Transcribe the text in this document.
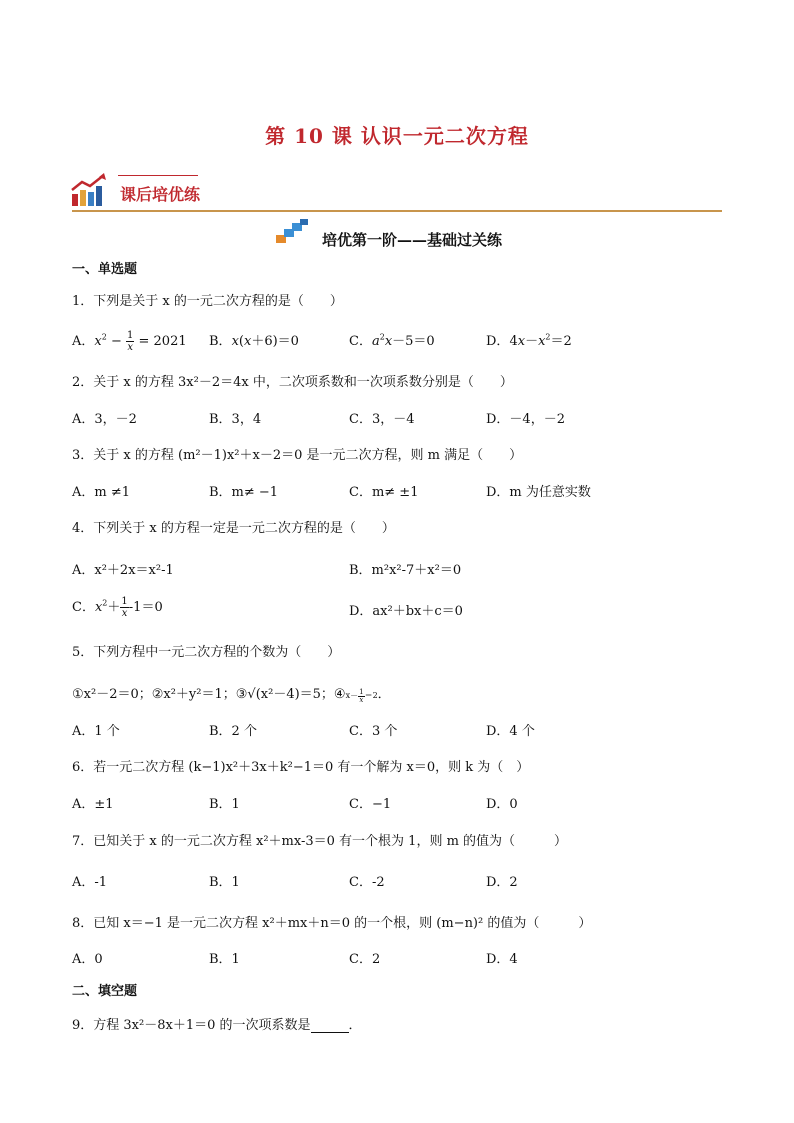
第 10 课 认识一元二次方程
课后培优练
培优第一阶——基础过关练
一、单选题
1．下列是关于 x 的一元二次方程的是（　　）
A．$x^2 - \frac{1}{x} = 2021$ B．x(x＋6)＝0	C．$a^2x-5=0$	D．$4x-x^2=2$
2．关于 x 的方程 3x²－2＝4x 中，二次项系数和一次项系数分别是（　　）
A．3，－2	B．3，4	C．3，－4	D．－4，－2
3．关于 x 的方程 (m²－1)x²＋x－2＝0 是一元二次方程，则 m 满足（　　）
A．m ≠1	B．m≠ −1	C．m≠ ±1	D．m 为任意实数
4．下列关于 x 的方程一定是一元二次方程的是（　　）
A．x²＋2x＝x²-1	B．m²x²-7＋x²＝0
C．$x^2+ \frac{1}{x} -1=0$	D．ax²＋bx＋c＝0
5．下列方程中一元二次方程的个数为（　　）
①x²－2＝0；②x²＋y²＝1；③√(x²－4)＝5；④x－ $\frac{1}{x} =2$．
A．1 个	B．2 个	C．3 个	D．4 个
6．若一元二次方程 (k−1)x²＋3x＋k²−1＝0 有一个解为 x＝0，则 k 为（　）
A．±1	B．1	C．−1	D．0
7．已知关于 x 的一元二次方程 x²＋mx-3＝0 有一个根为 1，则 m 的值为（　　　）
A．-1	B．1	C．-2	D．2
8．已知 x＝−1 是一元二次方程 x²＋mx＋n＝0 的一个根，则 (m−n)² 的值为（　　　）
A．0	B．1	C．2	D．4
二、填空题
9．方程 3x²－8x＋1＝0 的一次项系数是	．
